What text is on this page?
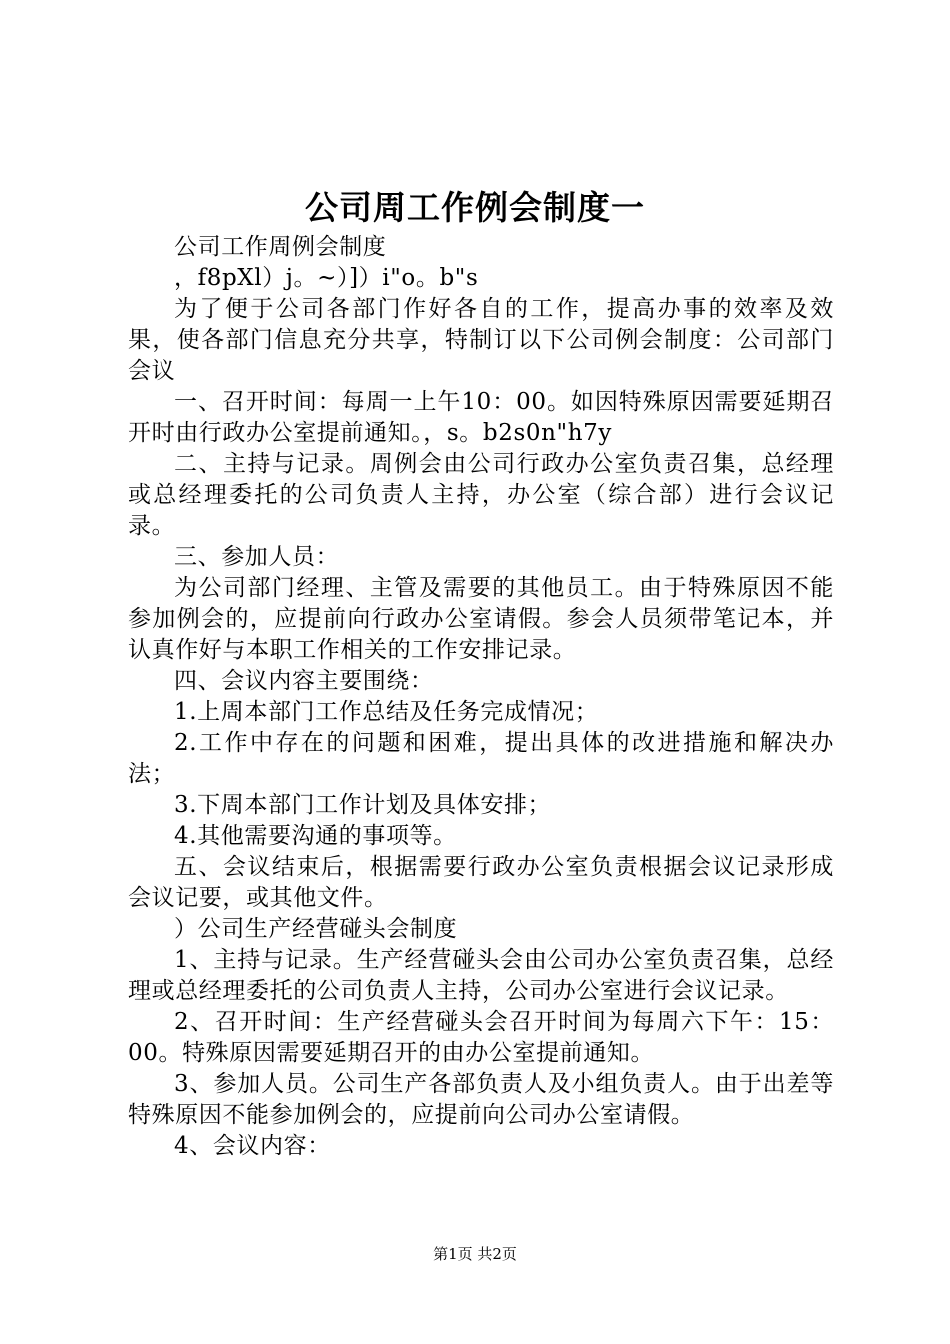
公司周工作例会制度一

公司工作周例会制度

，f8pXl）j。~）]）i"o。b"s

为了便于公司各部门作好各自的工作，提高办事的效率及效果，使各部门信息充分共享，特制订以下公司例会制度：公司部门会议

一、召开时间：每周一上午10：00。如因特殊原因需要延期召开时由行政办公室提前通知。，s。b2s0n"h7y

二、主持与记录。周例会由公司行政办公室负责召集，总经理或总经理委托的公司负责人主持，办公室（综合部）进行会议记录。

三、参加人员：

为公司部门经理、主管及需要的其他员工。由于特殊原因不能参加例会的，应提前向行政办公室请假。参会人员须带笔记本，并认真作好与本职工作相关的工作安排记录。

四、会议内容主要围绕：

1.上周本部门工作总结及任务完成情况；

2.工作中存在的问题和困难，提出具体的改进措施和解决办法；

3.下周本部门工作计划及具体安排；

4.其他需要沟通的事项等。

五、会议结束后，根据需要行政办公室负责根据会议记录形成会议记要，或其他文件。

）公司生产经营碰头会制度

1、主持与记录。生产经营碰头会由公司办公室负责召集，总经理或总经理委托的公司负责人主持，公司办公室进行会议记录。

2、召开时间：生产经营碰头会召开时间为每周六下午：15：00。特殊原因需要延期召开的由办公室提前通知。

3、参加人员。公司生产各部负责人及小组负责人。由于出差等特殊原因不能参加例会的，应提前向公司办公室请假。

4、会议内容：

第1页 共2页
